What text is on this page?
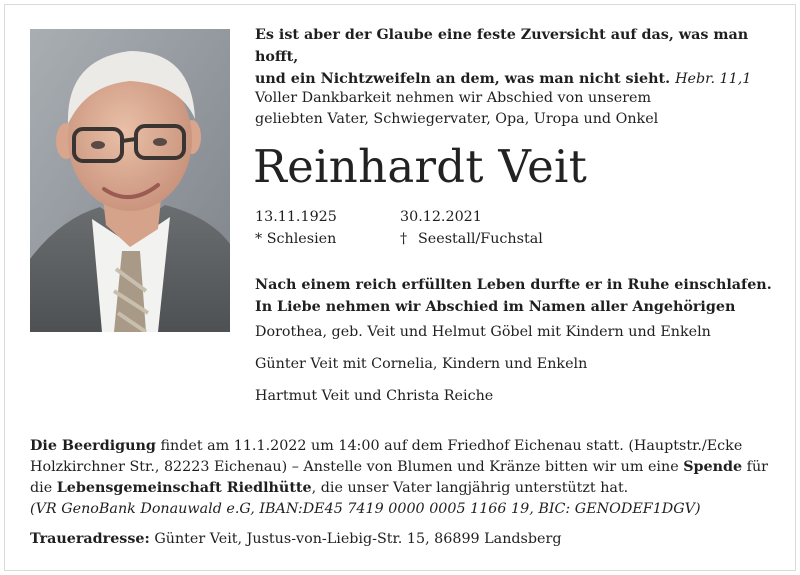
Es ist aber der Glaube eine feste Zuversicht auf das, was man hofft,
und ein Nichtzweifeln an dem, was man nicht sieht. Hebr. 11,1
Voller Dankbarkeit nehmen wir Abschied von unserem
geliebten Vater, Schwiegervater, Opa, Uropa und Onkel
Reinhardt Veit
13.11.1925
* Schlesien
30.12.2021
† Seestall/Fuchstal
Nach einem reich erfüllten Leben durfte er in Ruhe einschlafen.
In Liebe nehmen wir Abschied im Namen aller Angehörigen
Dorothea, geb. Veit und Helmut Göbel mit Kindern und Enkeln
Günter Veit mit Cornelia, Kindern und Enkeln
Hartmut Veit und Christa Reiche
Die Beerdigung findet am 11.1.2022 um 14:00 auf dem Friedhof Eichenau statt. (Hauptstr./Ecke Holzkirchner Str., 82223 Eichenau) – Anstelle von Blumen und Kränze bitten wir um eine Spende für die Lebensgemeinschaft Riedlhütte, die unser Vater langjährig unterstützt hat.
(VR GenoBank Donauwald e.G, IBAN:DE45 7419 0000 0005 1166 19, BIC: GENODEF1DGV)
Traueradresse: Günter Veit, Justus-von-Liebig-Str. 15, 86899 Landsberg
